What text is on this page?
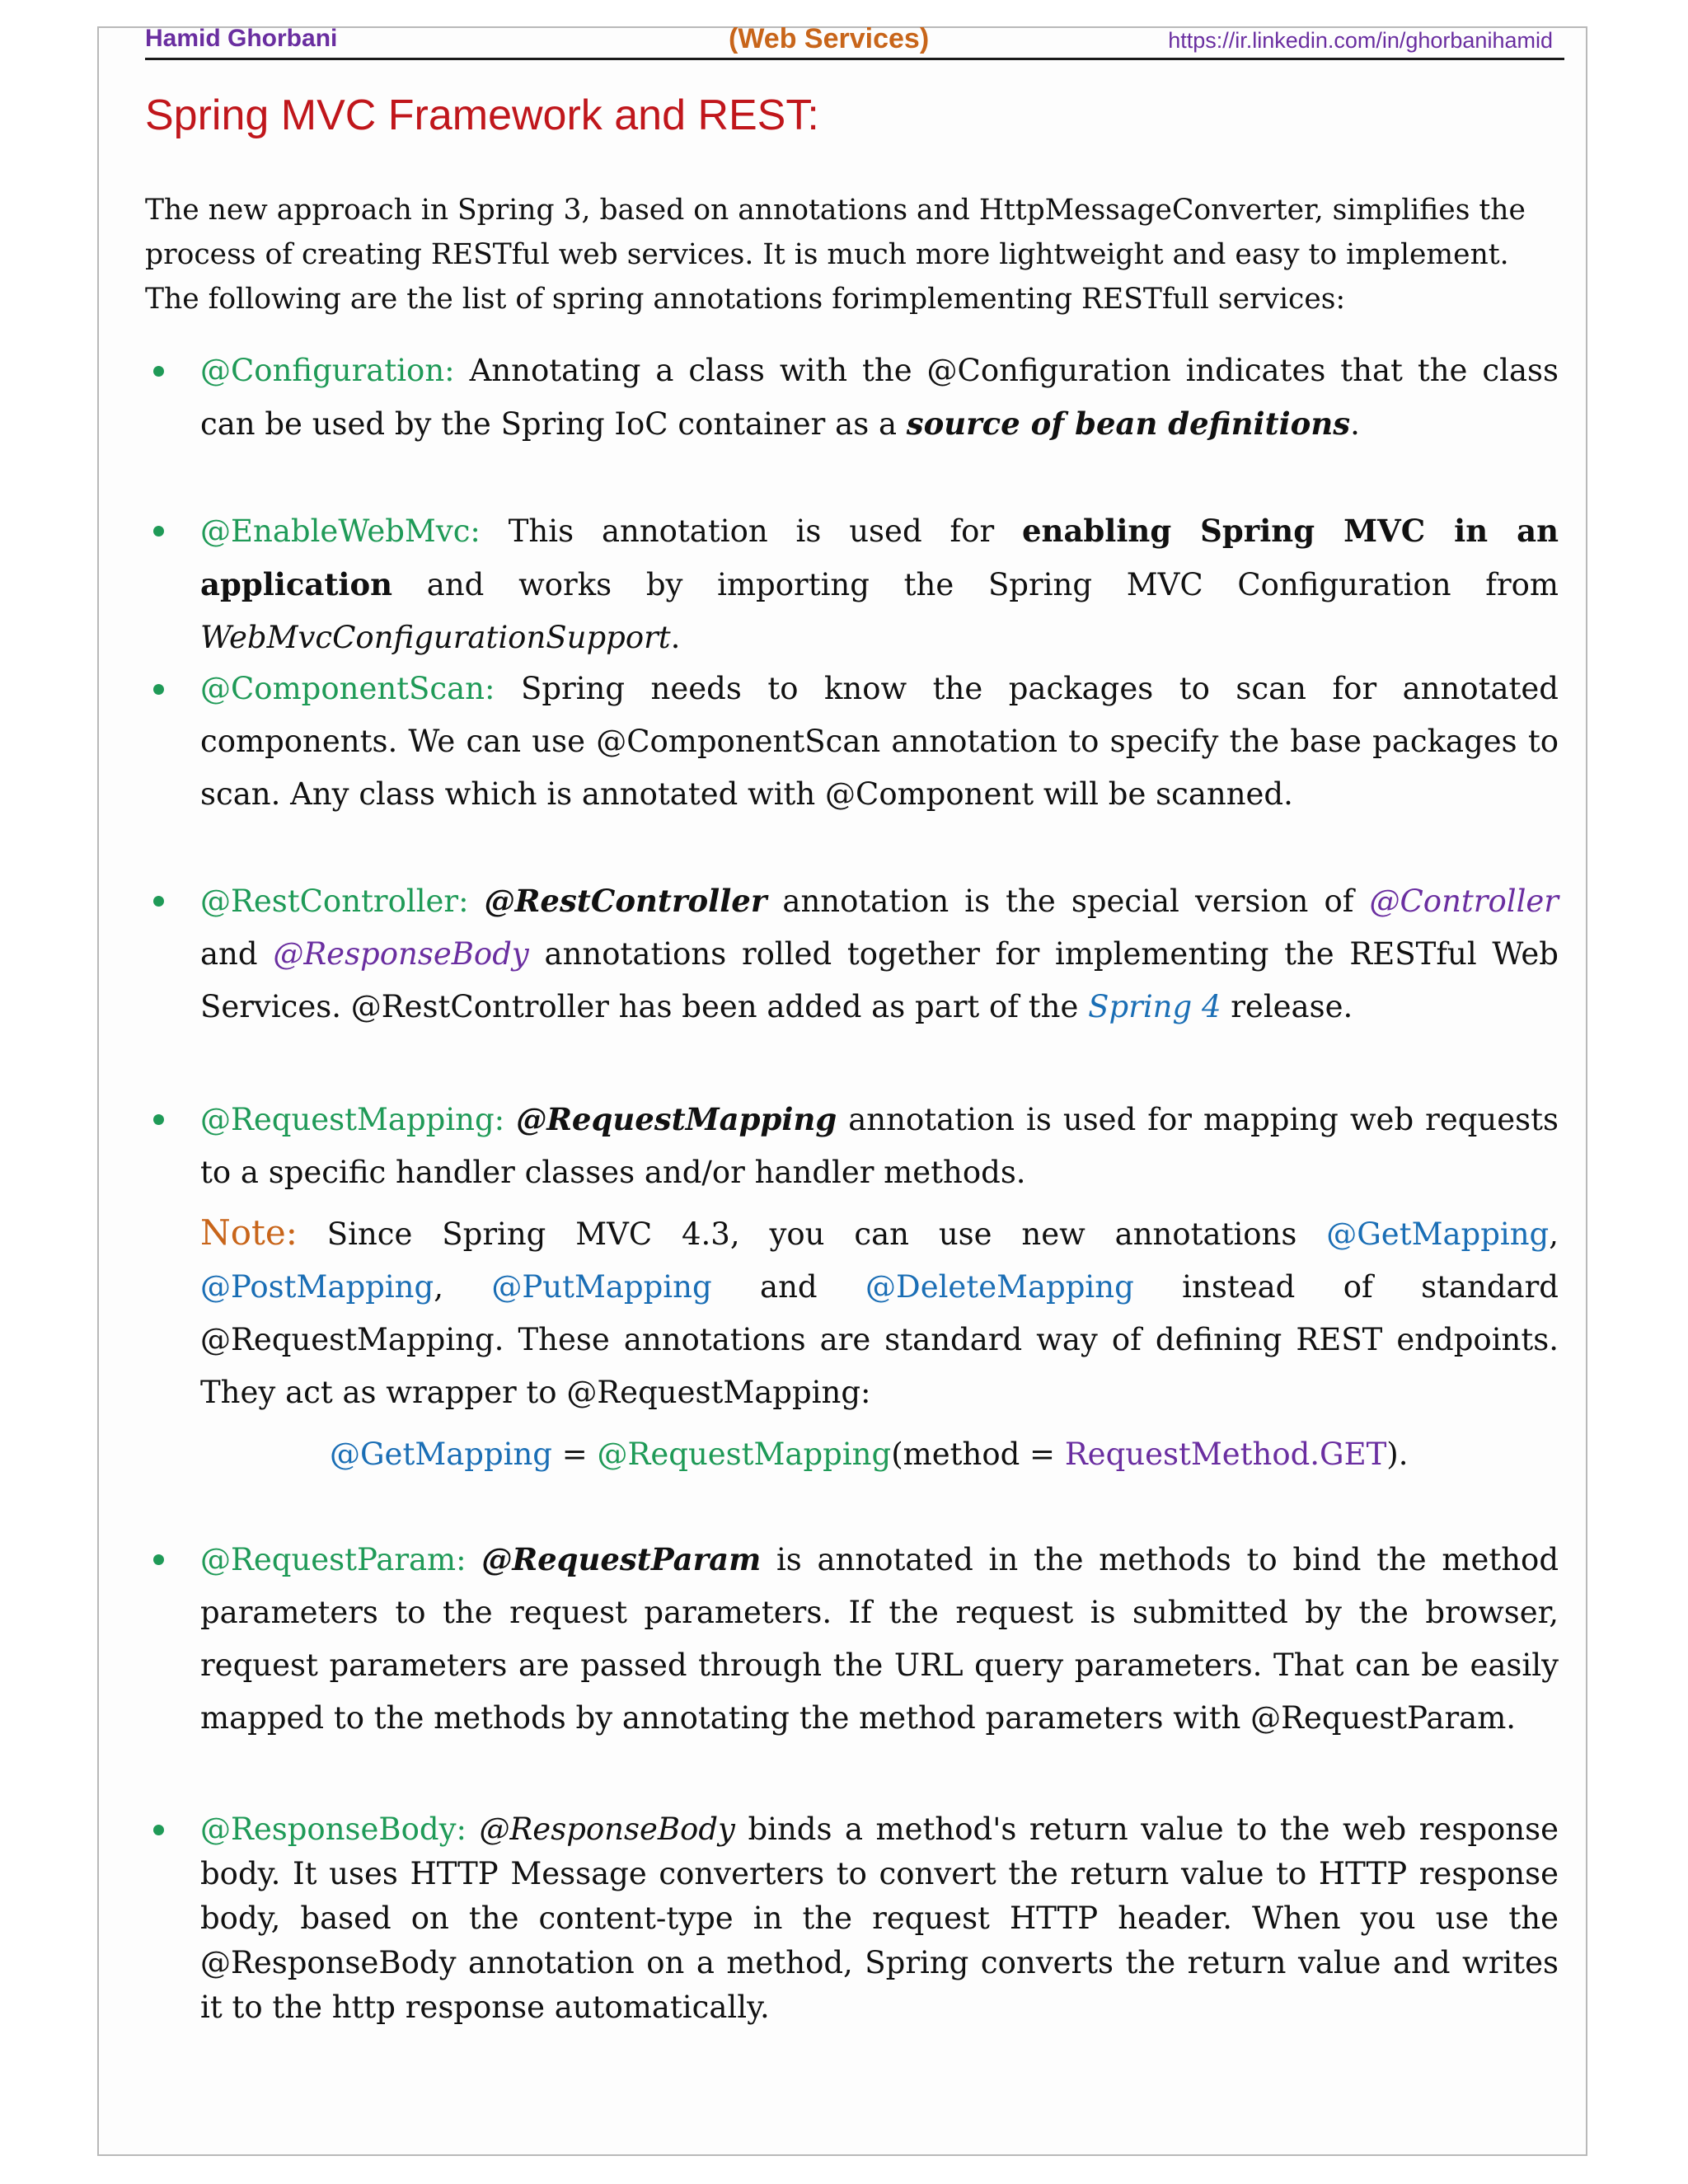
Hamid Ghorbani	(Web Services)	https://ir.linkedin.com/in/ghorbanihamid
Spring MVC Framework and REST:

The new approach in Spring 3, based on annotations and HttpMessageConverter, simplifies the process of creating RESTful web services. It is much more lightweight and easy to implement. The following are the list of spring annotations forimplementing RESTfull services:

@Configuration: Annotating a class with the @Configuration indicates that the class can be used by the Spring IoC container as a source of bean definitions.
@EnableWebMvc: This annotation is used for enabling Spring MVC in an application and works by importing the Spring MVC Configuration from WebMvcConfigurationSupport.
@ComponentScan: Spring needs to know the packages to scan for annotated components. We can use @ComponentScan annotation to specify the base packages to scan. Any class which is annotated with @Component will be scanned.
@RestController: @RestController annotation is the special version of @Controller and @ResponseBody annotations rolled together for implementing the RESTful Web Services. @RestController has been added as part of the Spring 4 release.
@RequestMapping: @RequestMapping annotation is used for mapping web requests to a specific handler classes and/or handler methods.
@RequestParam: @RequestParam is annotated in the methods to bind the method parameters to the request parameters. If the request is submitted by the browser, request parameters are passed through the URL query parameters. That can be easily mapped to the methods by annotating the method parameters with @RequestParam.
@ResponseBody: @ResponseBody binds a method's return value to the web response body. It uses HTTP Message converters to convert the return value to HTTP response body, based on the content-type in the request HTTP header. When you use the @ResponseBody annotation on a method, Spring converts the return value and writes it to the http response automatically.
Note: Since Spring MVC 4.3, you can use new annotations @GetMapping, @PostMapping, @PutMapping and @DeleteMapping instead of standard @RequestMapping. These annotations are standard way of defining REST endpoints. They act as wrapper to @RequestMapping:
@GetMapping = @RequestMapping(method = RequestMethod.GET).
